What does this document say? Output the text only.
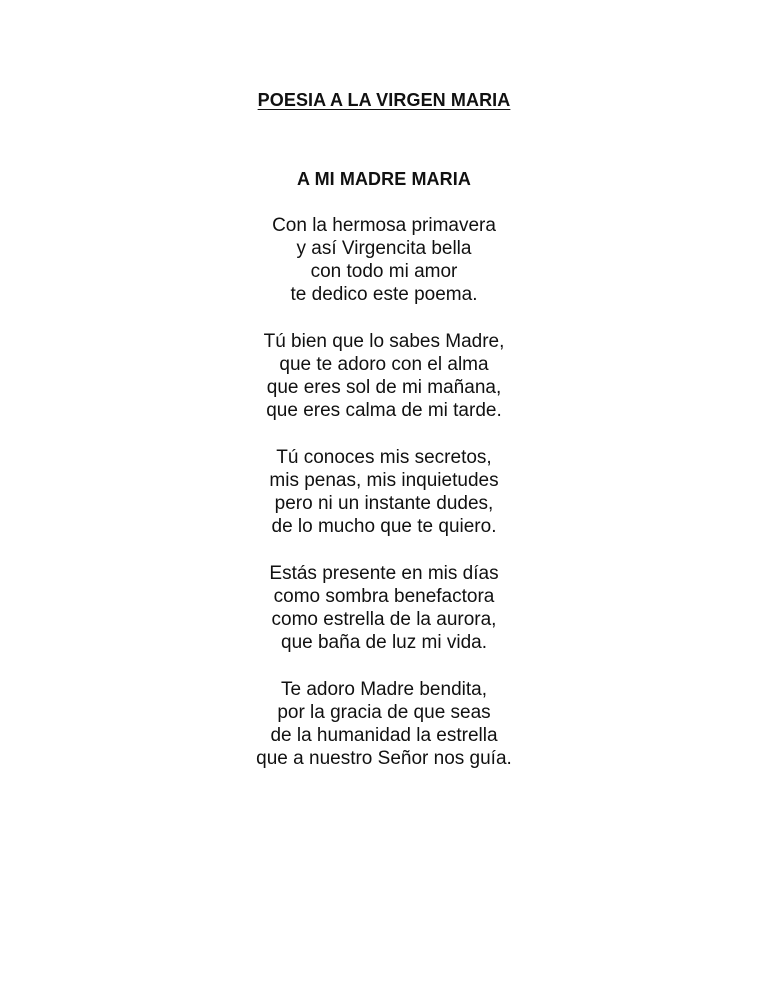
POESIA A LA VIRGEN MARIA
A MI MADRE MARIA

Con la hermosa primavera
y así Virgencita bella
con todo mi amor
te dedico este poema.

Tú bien que lo sabes Madre,
que te adoro con el alma
que eres sol de mi mañana,
que eres calma de mi tarde.

Tú conoces mis secretos,
mis penas, mis inquietudes
pero ni un instante dudes,
de lo mucho que te quiero.

Estás presente en mis días
como sombra benefactora
como estrella de la aurora,
que baña de luz mi vida.

Te adoro Madre bendita,
por la gracia de que seas
de la humanidad la estrella
que a nuestro Señor nos guía.
